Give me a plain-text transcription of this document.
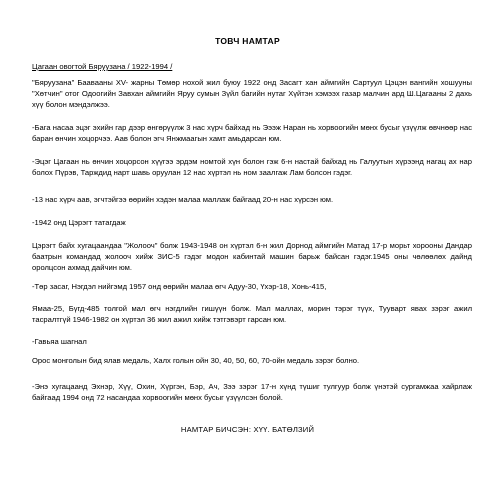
ТОВЧ НАМТАР
Цагаан овогтой Бяруузана / 1922-1994 /
"Бяруузана" Баавааны XV- жарны Төмөр нохой жил буюу 1922 онд Засагт хан аймгийн Сартуул Цэцэн вангийн хошууны "Хөтчин" отог Одоогийн Завхан аймгийн Яруу сумын Зүйл багийн нутаг Хүйтэн хэмээх газар малчин ард Ш.Цагааны 2 дахь хүү болон мэндэлжээ.
-Бага насаа эцэг эхийн гар дээр өнгөрүүлж 3 нас хүрч байхад нь Эээж Наран нь хорвоогийн мөнх бусыг үзүүлж өвчнөөр нас баран өнчин хоцорчээ. Аав болон эгч Янжмаагын хамт амьдарсан юм.
-Эцэг Цагаан нь өнчин хоцорсон хүүгээ эрдэм номтой хүн болон гэж 6-н настай байхад нь Галуутын хүрээнд нагац ах нар болох Пүрэв, Тарждид нарт шавь оруулан 12 нас хүртэл нь ном заалгаж Лам болсон гэдэг.
-13 нас хүрч аав, эгчтэйгээ өөрийн хэдэн малаа маллаж байгаад 20-н нас хүрсэн юм.
-1942 онд Цэрэгт татагдаж
Цэрэгт байх хугацаандаа "Жолооч" болж 1943-1948 он хүртэл 6-н жил Дорнод аймгийн Матад 17-р морьт хорооны Дандар баатрын командад жолооч хийж ЗИС-5 гэдэг модон кабинтай машин барьж байсан гэдэг.1945 оны чөлөөлөх дайнд оролцсон ахмад дайчин юм.
-Төр засаг, Нэгдэл нийгэмд 1957 онд өөрийн малаа өгч Адуу-30, Үхэр-18, Хонь-415,
Ямаа-25, Бүгд-485 толгой мал өгч нэгдлийн гишүүн болж. Мал маллах, морин тэрэг түүх, Тууварт явах зэрэг ажил тасралтгүй 1946-1982 он хүртэл 36 жил ажил хийж тэтгэвэрт гарсан юм.
-Гавьяа шагнал
Орос монголын бид ялав медаль, Халх голын ойн 30, 40, 50, 60, 70-ойн медаль зэрэг болно.
-Энэ хугацаанд Эхнэр, Хүү, Охин, Хүргэн, Бэр, Ач, Зээ зэрэг 17-н хүнд түшиг тулгуур болж үнэтэй сургамжаа хайрлаж байгаад 1994 онд 72 насандаа хорвоогийн мөнх бусыг үзүүлсэн болой.
НАМТАР БИЧСЭН: ХҮҮ. БАТӨЛЗИЙ
